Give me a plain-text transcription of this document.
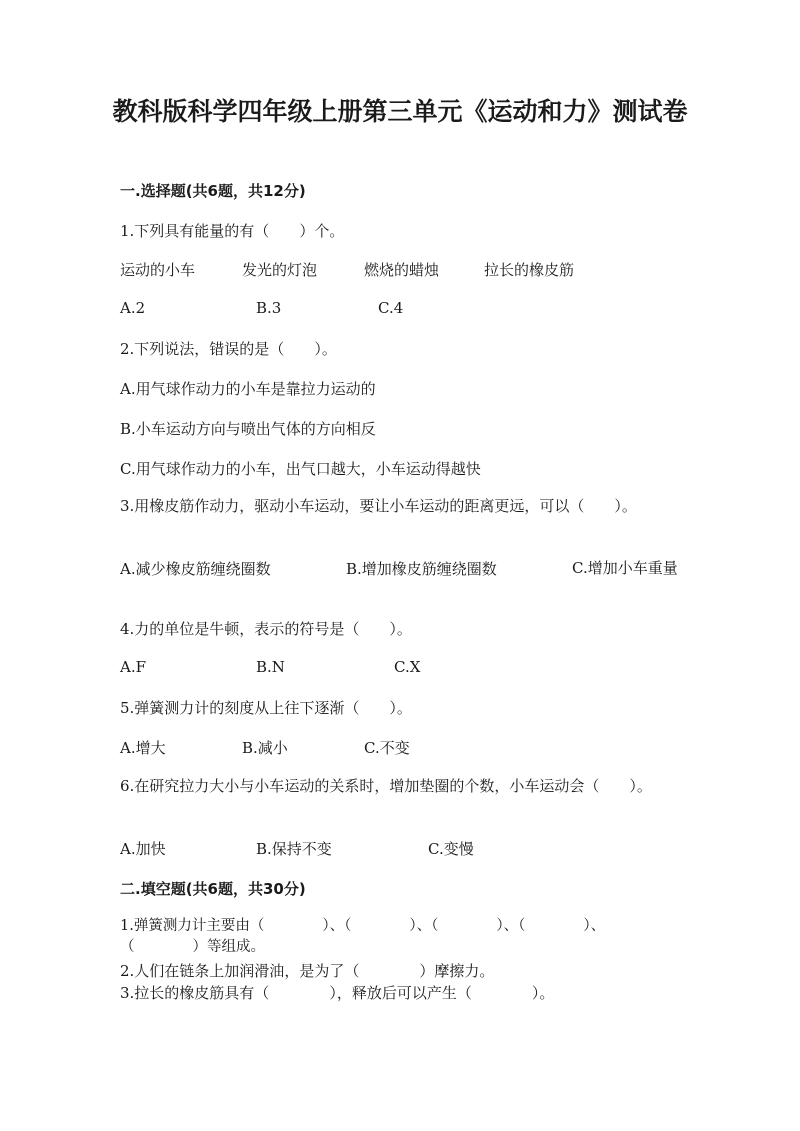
教科版科学四年级上册第三单元《运动和力》测试卷
一.选择题(共6题，共12分)
1.下列具有能量的有（　　）个。
运动的小车	发光的灯泡	燃烧的蜡烛	拉长的橡皮筋
A.2	B.3	C.4
2.下列说法，错误的是（　　）。
A.用气球作动力的小车是靠拉力运动的
B.小车运动方向与喷出气体的方向相反
C.用气球作动力的小车，出气口越大，小车运动得越快
3.用橡皮筋作动力，驱动小车运动，要让小车运动的距离更远，可以（　　）。
A.减少橡皮筋缠绕圈数	B.增加橡皮筋缠绕圈数	C.增加小车重量
4.力的单位是牛顿，表示的符号是（　　）。
A.F	B.N	C.X
5.弹簧测力计的刻度从上往下逐渐（　　）。
A.增大	B.减小	C.不变
6.在研究拉力大小与小车运动的关系时，增加垫圈的个数，小车运动会（　　）。
A.加快	B.保持不变	C.变慢
二.填空题(共6题，共30分)
1.弹簧测力计主要由（　　　　）、（　　　　）、（　　　　）、（　　　　）、（　　　　）等组成。
2.人们在链条上加润滑油，是为了（　　　　）摩擦力。
3.拉长的橡皮筋具有（　　　　），释放后可以产生（　　　　）。
